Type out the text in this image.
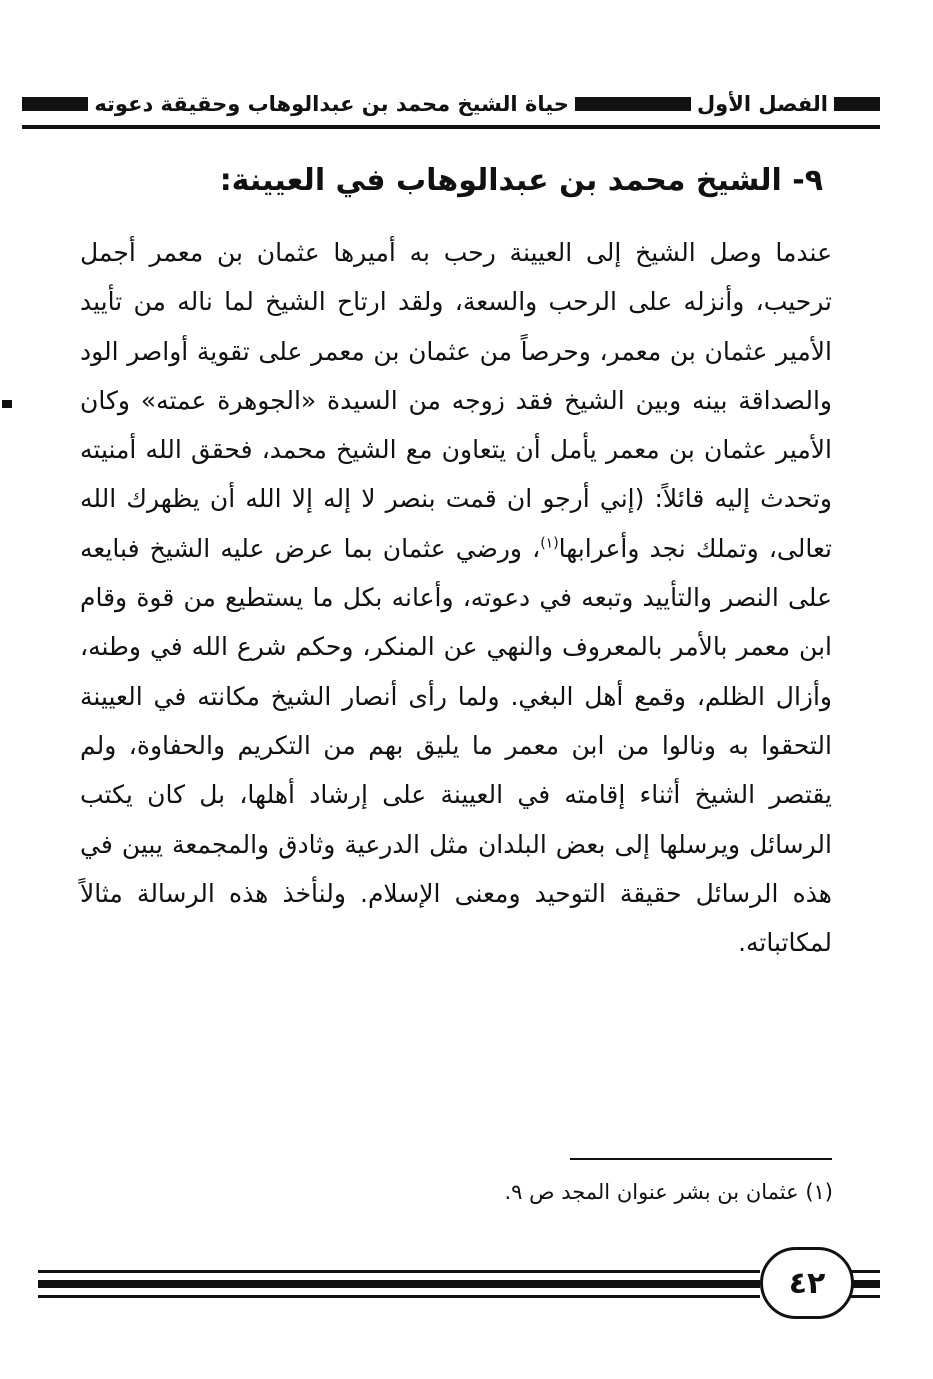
الفصل الأول
حياة الشيخ محمد بن عبدالوهاب وحقيقة دعوته
٩- الشيخ محمد بن عبدالوهاب في العيينة:

عندما وصل الشيخ إلى العيينة رحب به أميرها عثمان بن معمر أجمل ترحيب، وأنزله على الرحب والسعة، ولقد ارتاح الشيخ لما ناله من تأييد الأمير عثمان بن معمر، وحرصاً من عثمان بن معمر على تقوية أواصر الود والصداقة بينه وبين الشيخ فقد زوجه من السيدة «الجوهرة عمته» وكان الأمير عثمان بن معمر يأمل أن يتعاون مع الشيخ محمد، فحقق الله أمنيته وتحدث إليه قائلاً: (إني أرجو ان قمت بنصر لا إله إلا الله أن يظهرك الله تعالى، وتملك نجد وأعرابها$^{(١)}$، ورضي عثمان بما عرض عليه الشيخ فبايعه على النصر والتأييد وتبعه في دعوته، وأعانه بكل ما يستطيع من قوة وقام ابن معمر بالأمر بالمعروف والنهي عن المنكر، وحكم شرع الله في وطنه، وأزال الظلم، وقمع أهل البغي. ولما رأى أنصار الشيخ مكانته في العيينة التحقوا به ونالوا من ابن معمر ما يليق بهم من التكريم والحفاوة، ولم يقتصر الشيخ أثناء إقامته في العيينة على إرشاد أهلها، بل كان يكتب الرسائل ويرسلها إلى بعض البلدان مثل الدرعية وثادق والمجمعة يبين في هذه الرسائل حقيقة التوحيد ومعنى الإسلام. ولنأخذ هذه الرسالة مثالاً لمكاتباته.

(١) عثمان بن بشر عنوان المجد ص ٩.
٤٢
